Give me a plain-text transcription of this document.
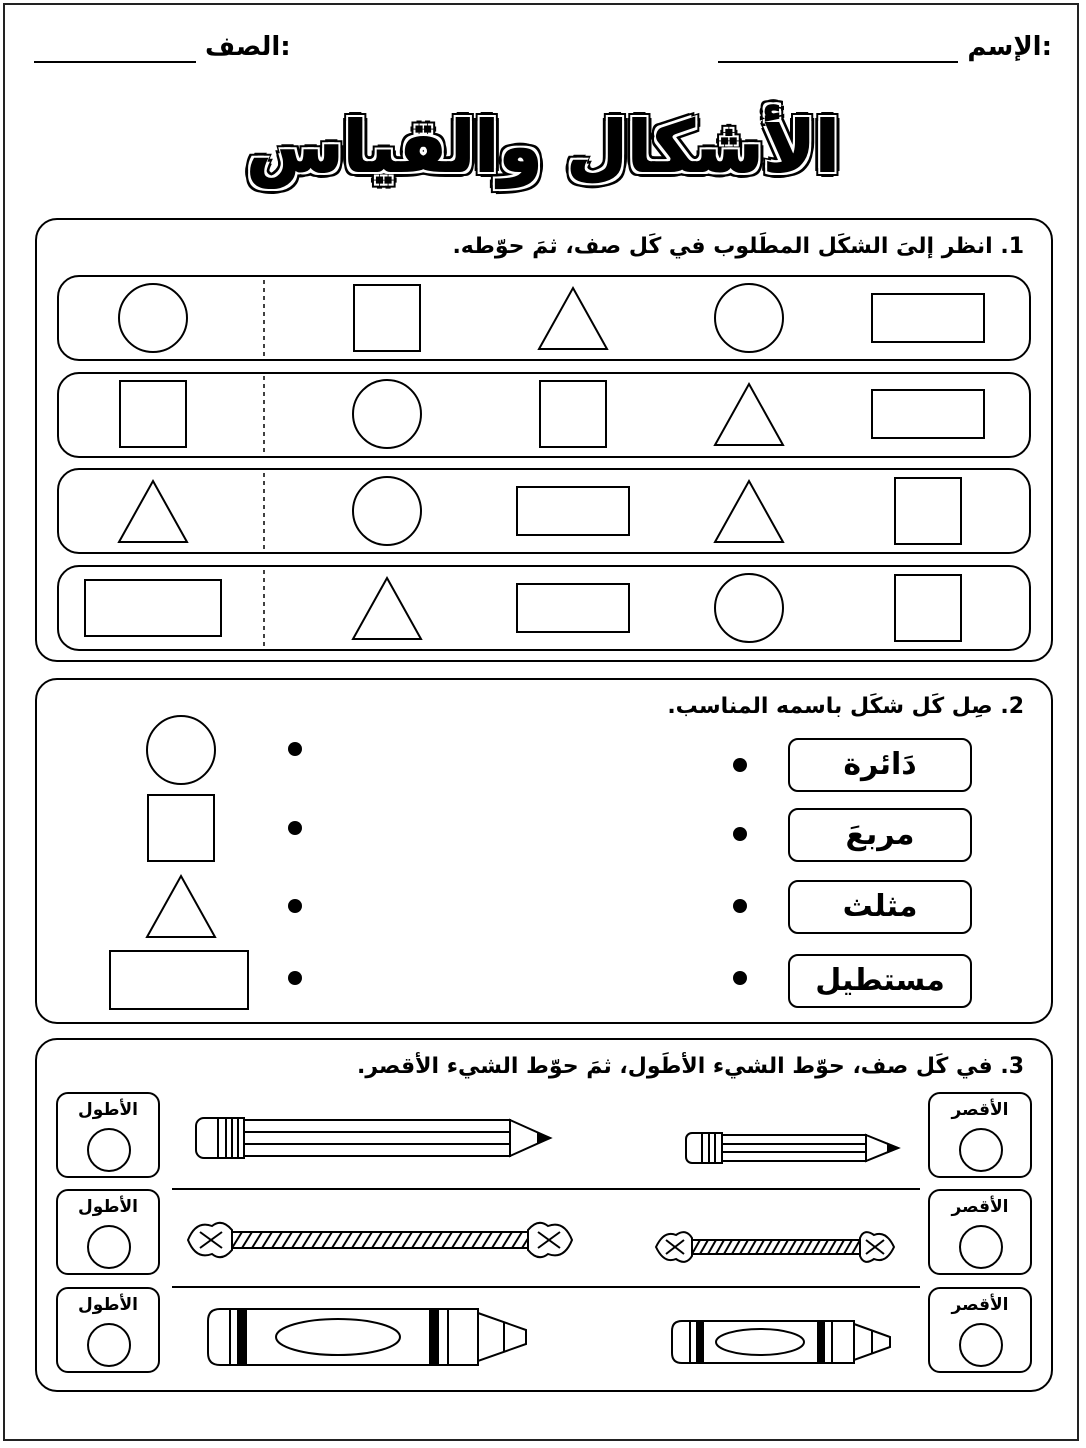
الإسم:
الصف:
الأشكال والقياس
1. انظر إلىَ الشكَل المطَلوب في كَل صف، ثمَ حوّطه.
2. صِل كَل شكَل باسمه المناسب.
دَائرة
مربعَ
مثلث
مستطيل
3. في كَل صف، حوّط الشيء الأطَول، ثمَ حوّط الشيء الأقصر.
الأطول
الأطول
الأطول
الأقصر
الأقصر
الأقصر
